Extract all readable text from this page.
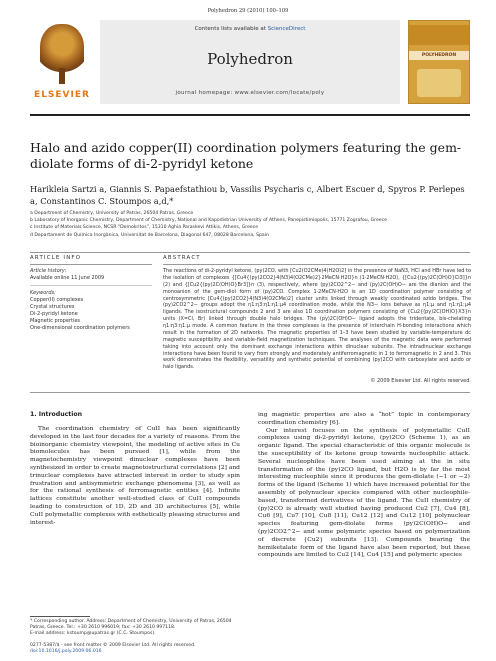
Polyhedron 29 (2010) 100–109
ELSEVIER
Contents lists available at ScienceDirect
Polyhedron
journal homepage: www.elsevier.com/locate/poly
POLYHEDRON
Halo and azido copper(II) coordination polymers featuring the gem-diolate forms of di-2-pyridyl ketone
Harikleia Sartzi a, Giannis S. Papaefstathiou b, Vassilis Psycharis c, Albert Escuer d, Spyros P. Perlepes a, Constantinos C. Stoumpos a,d,*
a Department of Chemistry, University of Patras, 26504 Patras, Greece
b Laboratory of Inorganic Chemistry, Department of Chemistry, National and Kapodistrian University of Athens, Panepistimiopolis, 15771 Zografou, Greece
c Institute of Materials Science, NCSR “Demokritos”, 15310 Aghia Paraskevi Attikis, Athens, Greece
d Departament de Química Inorgànica, Universitat de Barcelona, Diagonal 647, 08028 Barcelona, Spain
ARTICLE INFO	ABSTRACT
Article history:
Available online 11 June 2009
Keywords:
Copper(II) complexes
Crystal structures
Di-2-pyridyl ketone
Magnetic properties
One-dimensional coordination polymers
The reactions of di-2-pyridyl ketone, (py)2CO, with [Cu2(O2CMe)4(H2O)2] in the presence of NaN3, HCl and HBr have led to the isolation of complexes {[Cu4{(py)2CO2}4(N3)4(O2CMe)2]·2MeCN·H2O}n (1·2MeCN·H2O), {[Cu2{(py)2C(OH)O}Cl3]}n (2) and {[Cu2{(py)2C(OH)O}Br3]}n (3), respectively, where (py)2CO2^2− and (py)2C(OH)O− are the dianion and the monoanion of the gem-diol form of (py)2CO. Complex 1·2MeCN·H2O is an 1D coordination polymer consisting of centrosymmetric [Cu4{(py)2CO2}4(N3)4(O2CMe)2] cluster units linked through weakly coordinated azido bridges. The (py)2CO2^2− groups adopt the η1:η3:η1:η1:μ4 coordination mode, while the N3− ions behave as η1:μ and η1:η1:μ4 ligands. The isostructural compounds 2 and 3 are also 1D coordination polymers consisting of {Cu2{(py)2C(OH)O}X3}n units (X=Cl, Br) linked through double halo bridges. The (py)2C(OH)O− ligand adopts the tridentate, bis-chelating η1:η3:η1:μ mode. A common feature in the three complexes is the presence of interchain H-bonding interactions which result in the formation of 2D networks. The magnetic properties of 1–3 have been studied by variable-temperature dc magnetic susceptibility and variable-field magnetization techniques. The analyses of the magnetic data were performed taking into account only the dominant exchange interactions within dinuclear subunits. The intradinuclear exchange interactions have been found to vary from strongly and moderately antiferromagnetic in 1 to ferromagnetic in 2 and 3. This work demonstrates the flexibility, versatility and synthetic potential of combining (py)2CO with carboxylate and azido or halo ligands.
© 2009 Elsevier Ltd. All rights reserved.
1. Introduction

The coordination chemistry of CuII has been significantly developed in the last four decades for a variety of reasons. From the bioinorganic chemistry viewpoint, the modeling of active sites in Cu biomolecules has been pursued [1], while from the magnetochemistry viewpoint dinuclear complexes have been synthesized in order to create magnetostructural correlations [2] and trinuclear complexes have attracted interest in order to study spin frustration and antisymmetric exchange phenomena [3], as well as for the rational synthesis of ferromagnetic entities [4]. Infinite lattices constitute another well-studied class of CuII compounds leading to construction of 1D, 2D and 3D architectures [5], while CuII polymetallic complexes with esthetically pleasing structures and interest-

ing magnetic properties are also a “hot” topic in contemporary coordination chemistry [6].

Our interest focuses on the synthesis of polymetallic CuII complexes using di-2-pyridyl ketone, (py)2CO (Scheme 1), as an organic ligand. The special characteristic of this organic molecule is the susceptibility of its ketone group towards nucleophilic attack. Several nucleophiles have been used aiming at the in situ transformation of the (py)2CO ligand, but H2O is by far the most interesting nucleophile since it produces the gem-diolate (−1 or −2) forms of the ligand (Scheme 1) which have increased potential for the assembly of polynuclear species compared with other nucleophile-based, transformed derivatives of the ligand. The CuII chemistry of (py)2CO is already well studied having produced Cu2 [7], Cu4 [8], Cu6 [9], Cu7 [10], Cu8 [11], Cu12 [12] and Cu12 [10] polynuclear species featuring gem-diolate forms (py)2C(OH)O− and (py)2CO2^2− and some polymeric species based on polymerization of discrete {Cu2} subunits [13]. Compounds bearing the hemiketalate form of the ligand have also been reported, but these compounds are limited to Cu2 [14], Cu4 [15] and polymeric species

* Corresponding author. Address: Department of Chemistry, University of Patras, 26504 Patras, Greece. Tel.: +30 2610 996019; fax: +30 2610 997118.
E-mail address: kstoump@upatras.gr (C.C. Stoumpos).
0277-5387/$ - see front matter © 2009 Elsevier Ltd. All rights reserved.
doi:10.1016/j.poly.2009.06.016
